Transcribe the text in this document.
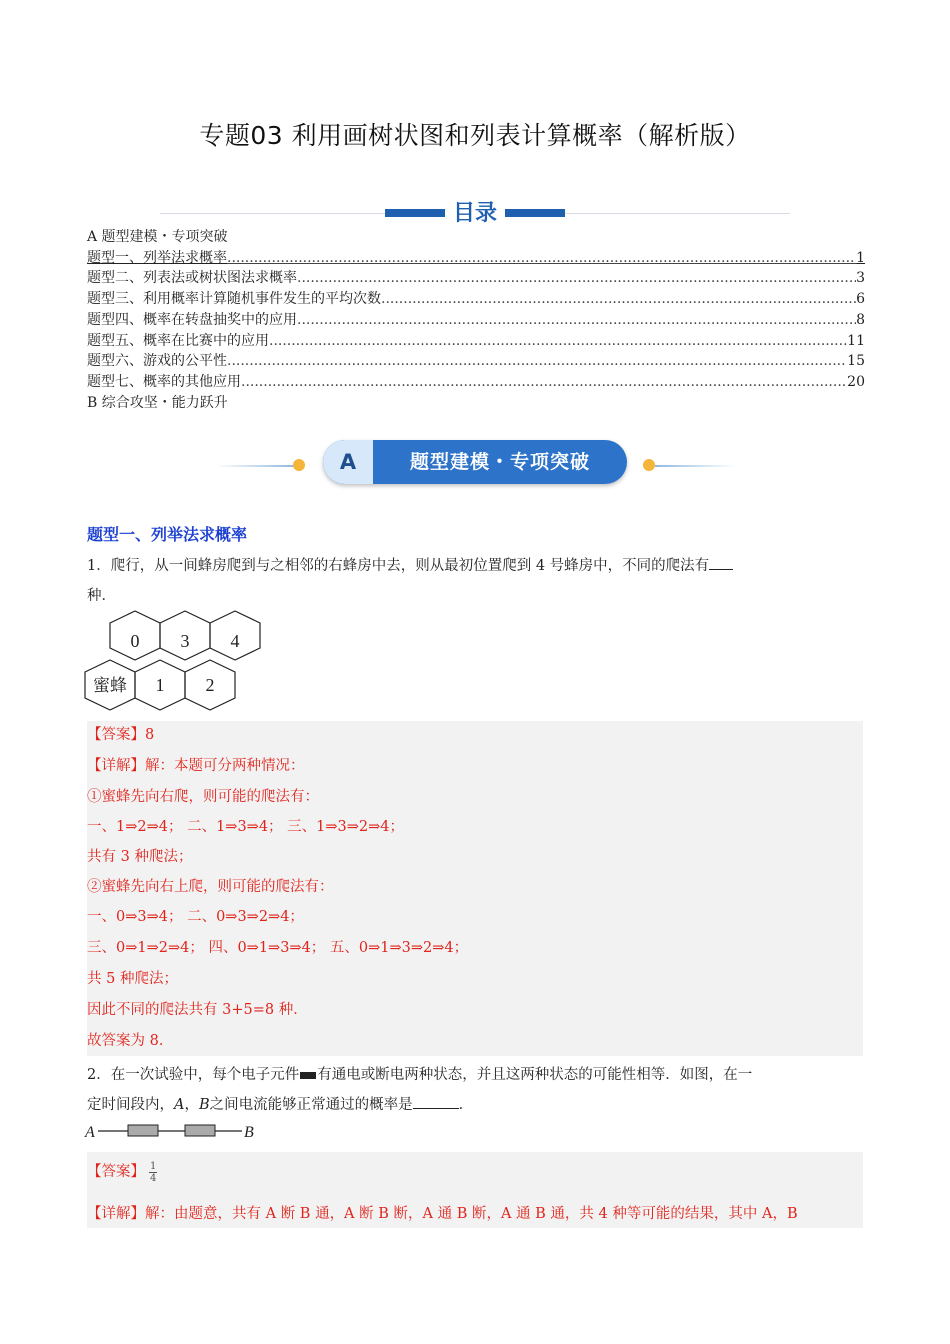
专题03 利用画树状图和列表计算概率（解析版）
目录
A 题型建模・专项突破
题型一、列举法求概率 .....	1
题型二、列表法或树状图法求概率 .....	3
题型三、利用概率计算随机事件发生的平均次数 .....	6
题型四、概率在转盘抽奖中的应用 .....	8
题型五、概率在比赛中的应用 .....	11
题型六、游戏的公平性 .....	15
题型七、概率的其他应用 .....	20
B 综合攻坚・能力跃升
A	题型建模・专项突破
题型一、列举法求概率
1．爬行，从一间蜂房爬到与之相邻的右蜂房中去，则从最初位置爬到 4 号蜂房中，不同的爬法有
种．
0 3 4
蜜蜂 1 2
【答案】8
【详解】解：本题可分两种情况：
①蜜蜂先向右爬，则可能的爬法有：
一、1⇒2⇒4； 二、1⇒3⇒4； 三、1⇒3⇒2⇒4；
共有 3 种爬法；
②蜜蜂先向右上爬，则可能的爬法有：
一、0⇒3⇒4； 二、0⇒3⇒2⇒4；
三、0⇒1⇒2⇒4； 四、0⇒1⇒3⇒4； 五、0⇒1⇒3⇒2⇒4；
共 5 种爬法；
因此不同的爬法共有 3+5=8 种．
故答案为 8．
2．在一次试验中，每个电子元件 有通电或断电两种状态，并且这两种状态的可能性相等．如图，在一
定时间段内，A，B之间电流能够正常通过的概率是	．
A	B
【答案】 $\frac{1}{4}$
【详解】解：由题意，共有 A 断 B 通，A 断 B 断，A 通 B 断，A 通 B 通，共 4 种等可能的结果，其中 A，B
